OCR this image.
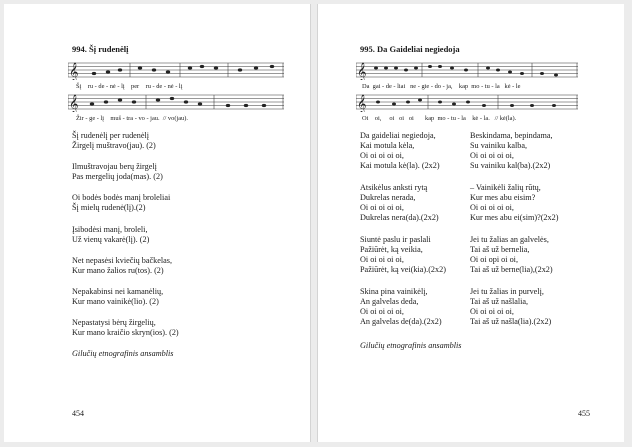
994. Šį rudenėlį
𝄞
Šį    ru - de - nė - lį    per    ru - de - nė - lį
𝄞
Žir - ge - lį    muš - tra - vo - jau.  // vo(jau).
Šį rudenėlį per rudenėlį
Žirgelį muštravo(jau). (2)
Ilmuštravojau berų žirgelį
Pas mergelių joda(mas). (2)
Oi bodės bodės manį broleliai
Šį mielų rudenė(lį).(2)
Įsibodėsi manį, broleli,
Už vienų vakarė(lį). (2)
Net nepasėsi kviečių bačkelas,
Kur mano žalios ru(tos). (2)
Nepakabinsi nei kamanėlių,
Kur mano vainikė(lio). (2)
Nepastatysi bėrų žirgelių,
Kur mano kraičio skryn(ios). (2)
Gilučių etnografinis ansamblis
454
995. Da Gaideliai negiedoja
𝄞
Da  gai - de - liai   ne - gie - do - ja,    kap  mo - tu - la   kė - le
𝄞
Oi    oi,     oi   oi   oi       kap  mo - tu - la    kė - la.   // kė(la).
Da gaideliai negiedoja,
Kai motula kėla,
Oi oi oi oi oi,
Kai motula kė(la). (2x2)
Atsikėlus anksti rytą
Dukrelas nerada,
Oi oi oi oi oi,
Dukrelas nera(da).(2x2)
Siuntė paslu ir paslali
Pažiūrėt, ką veikia,
Oi oi oi oi oi,
Pažiūrėt, ką vei(kia).(2x2)
Skina pina vainikėlį,
An galvelas deda,
Oi oi oi oi oi,
An galvelas de(da).(2x2)
Beskindama, bepindama,
Su vainiku kalba,
Oi oi oi oi oi,
Su vainiku kal(ba).(2x2)
– Vainikėli žalių rūtų,
Kur mes abu eisim?
Oi oi oi oi oi,
Kur mes abu ei(sim)?(2x2)
Jei tu žalias an galvelės,
Tai aš už bernelia,
Oi oi opi oi oi,
Tai aš už berne(lia),(2x2)
Jei tu žalias in purvelį,
Tai aš už našlalia,
Oi oi oi oi oi,
Tai aš už našla(lia).(2x2)
Gilučių etnografinis ansamblis
455
